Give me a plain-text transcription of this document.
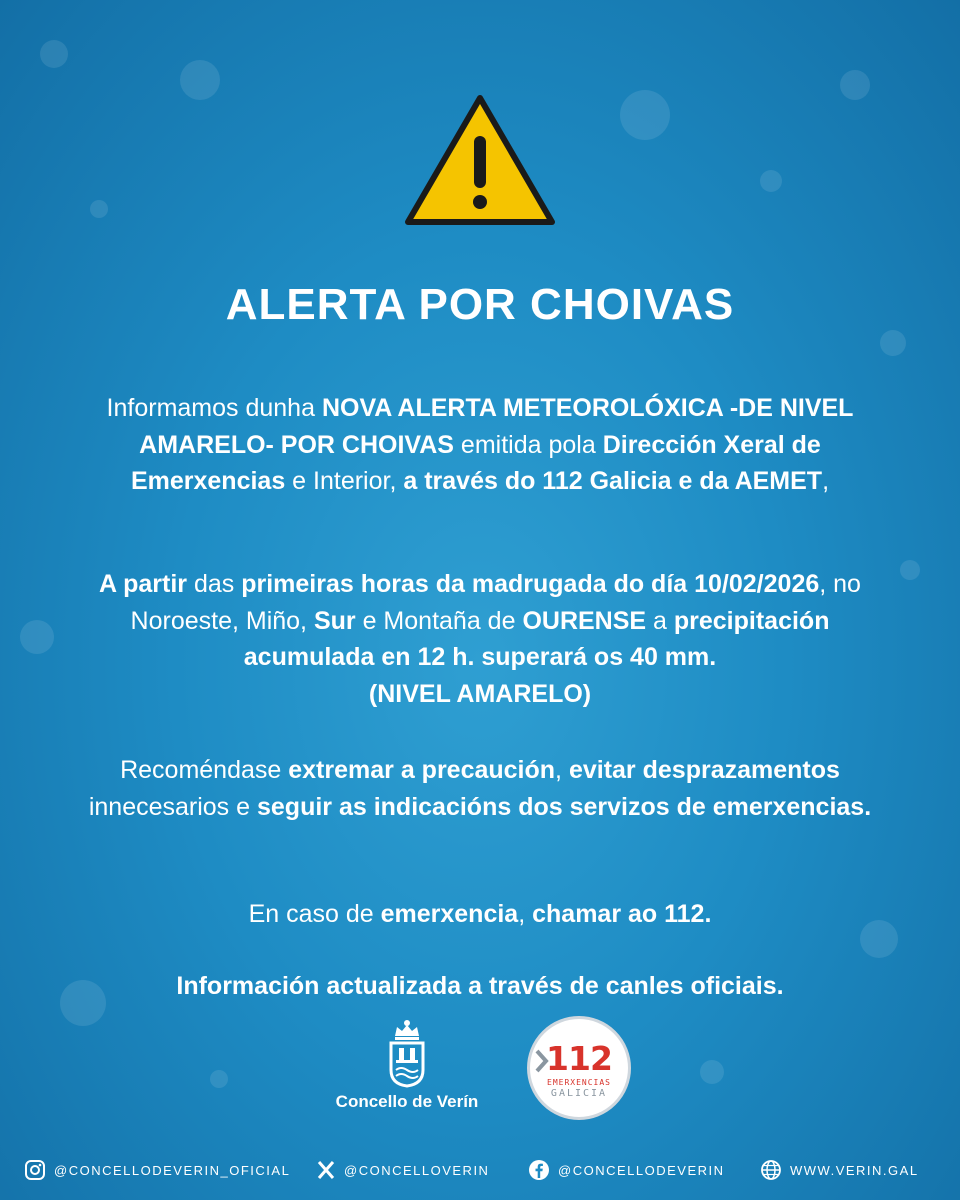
ALERTA POR CHOIVAS
Informamos dunha NOVA ALERTA METEOROLÓXICA -DE NIVEL AMARELO- POR CHOIVAS emitida pola Dirección Xeral de Emerxencias e Interior, a través do 112 Galicia e da AEMET,
A partir das primeiras horas da madrugada do día 10/02/2026, no Noroeste, Miño, Sur e Montaña de OURENSE a precipitación acumulada en 12 h. superará os 40 mm.
(NIVEL AMARELO)
Recoméndase extremar a precaución, evitar desprazamentos innecesarios e seguir as indicacións dos servizos de emerxencias.
En caso de emerxencia, chamar ao 112.
Información actualizada a través de canles oficiais.
Concello de Verín
112
EMERXENCIAS
GALICIA
@CONCELLODEVERIN_OFICIAL	@CONCELLOVERIN	@CONCELLODEVERIN	WWW.VERIN.GAL
